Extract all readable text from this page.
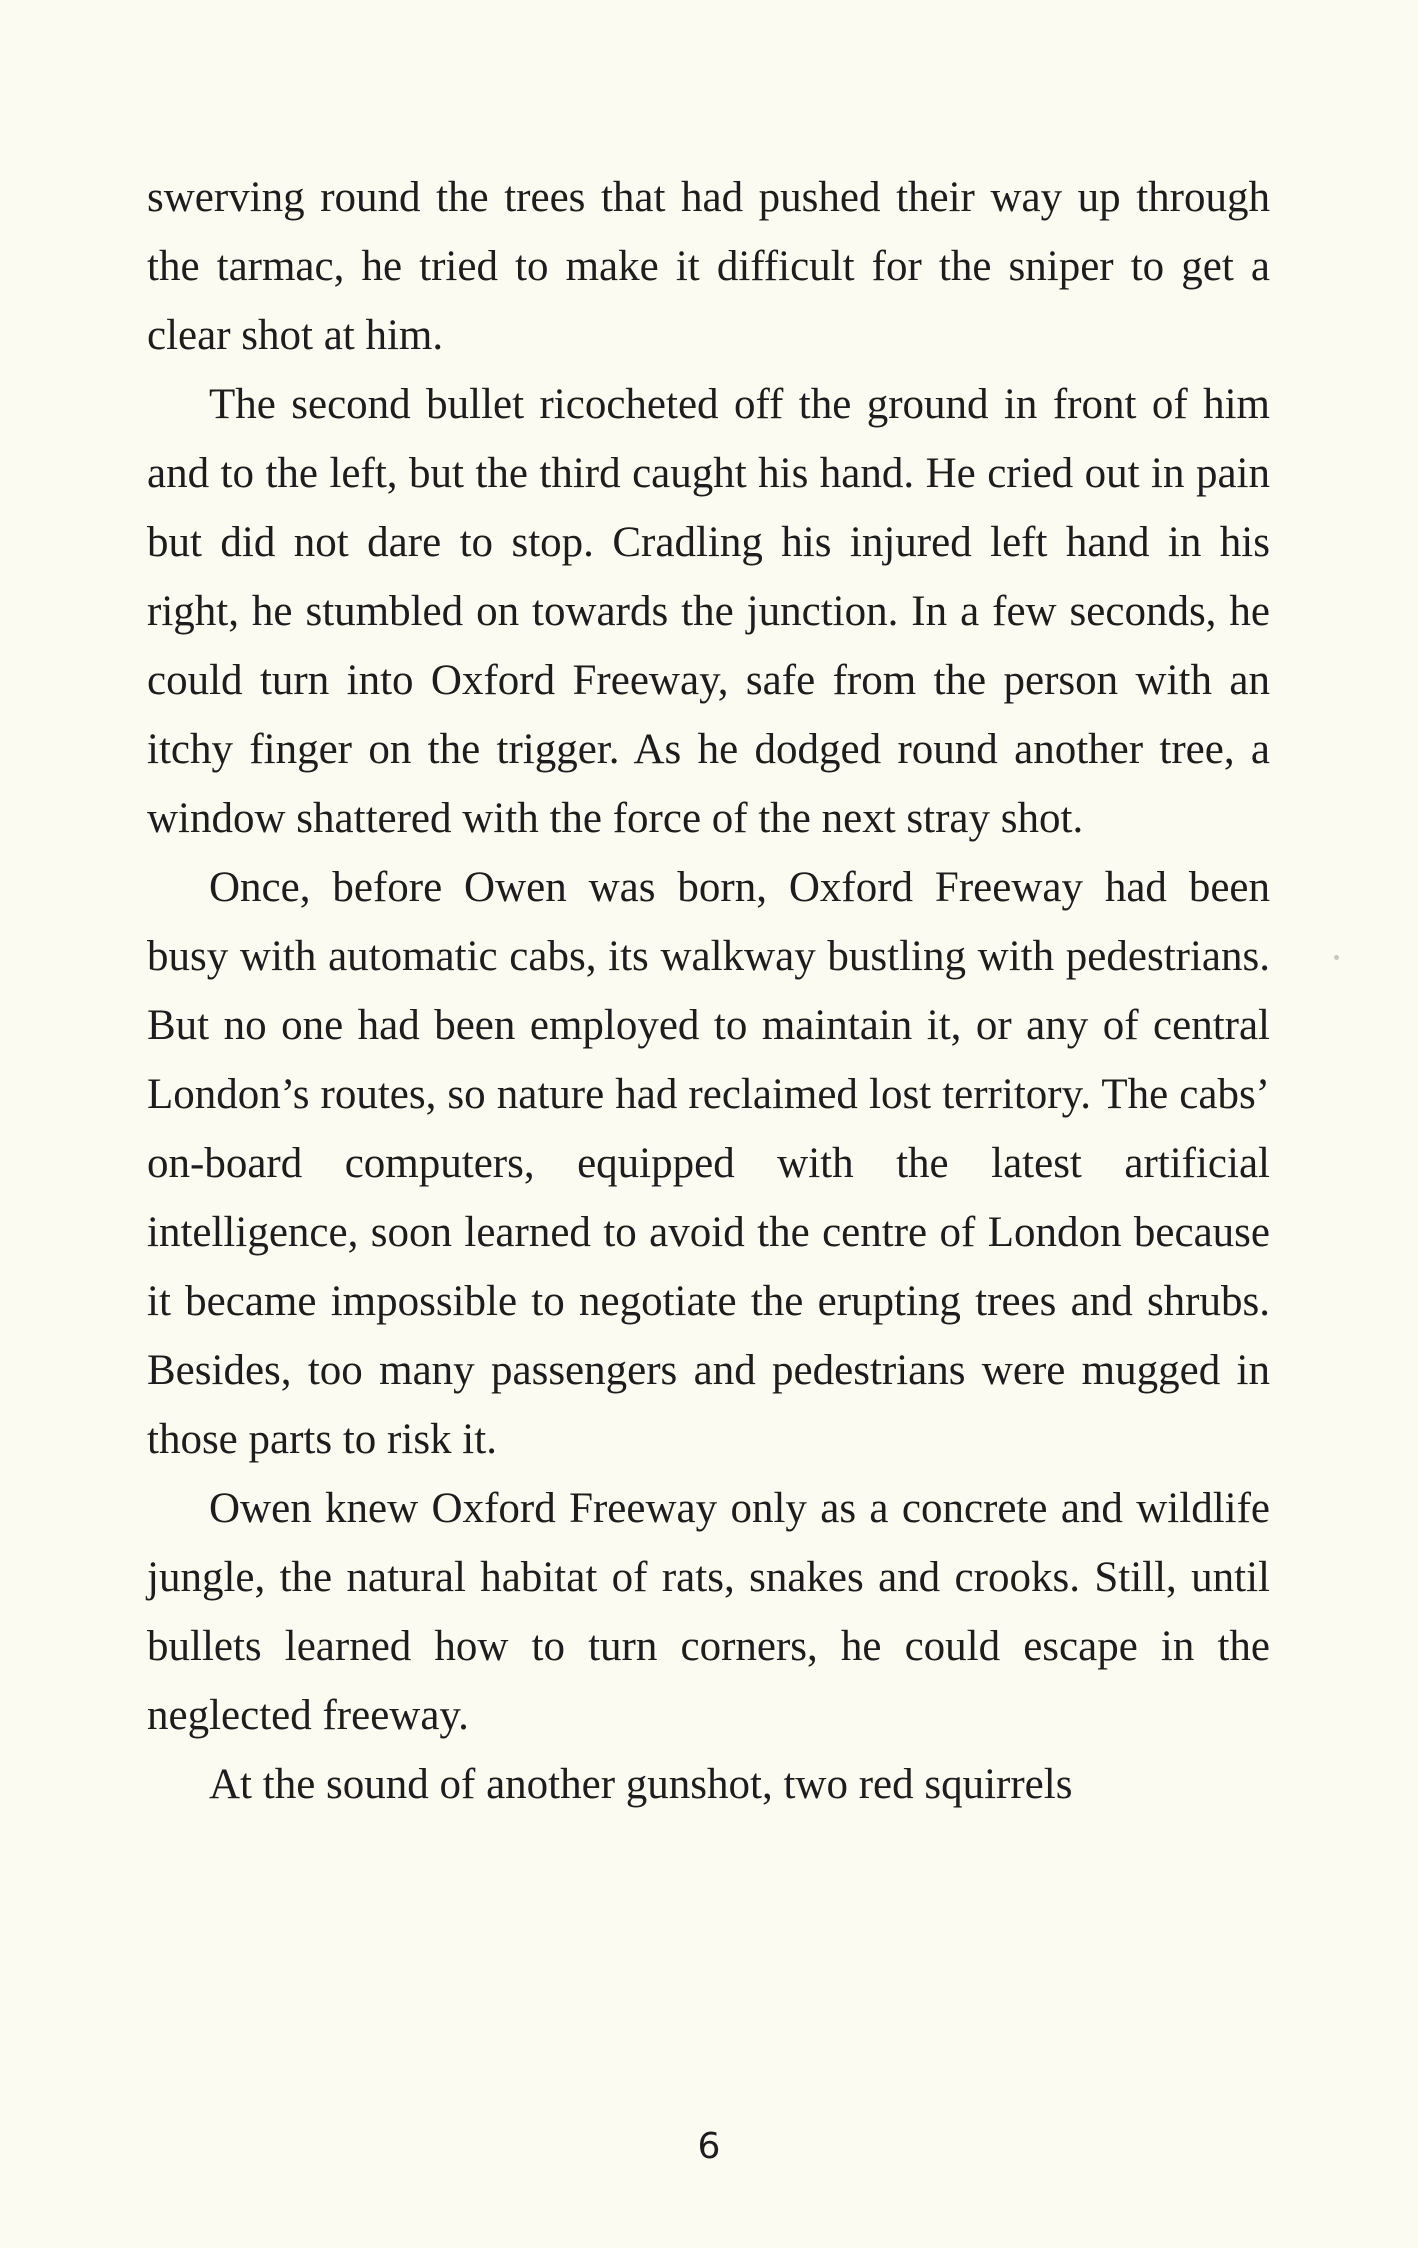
swerving round the trees that had pushed their way up through the tarmac, he tried to make it difficult for the sniper to get a clear shot at him.

The second bullet ricocheted off the ground in front of him and to the left, but the third caught his hand. He cried out in pain but did not dare to stop. Cradling his injured left hand in his right, he stumbled on towards the junction. In a few seconds, he could turn into Oxford Freeway, safe from the person with an itchy finger on the trigger. As he dodged round another tree, a window shattered with the force of the next stray shot.

Once, before Owen was born, Oxford Freeway had been busy with automatic cabs, its walkway bustling with pedestrians. But no one had been employed to maintain it, or any of central London’s routes, so nature had reclaimed lost territory. The cabs’ on-board computers, equipped with the latest artificial intelligence, soon learned to avoid the centre of London because it became impossible to negotiate the erupting trees and shrubs. Besides, too many passengers and pedestrians were mugged in those parts to risk it.

Owen knew Oxford Freeway only as a concrete and wildlife jungle, the natural habitat of rats, snakes and crooks. Still, until bullets learned how to turn corners, he could escape in the neglected freeway.

At the sound of another gunshot, two red squirrels

6
